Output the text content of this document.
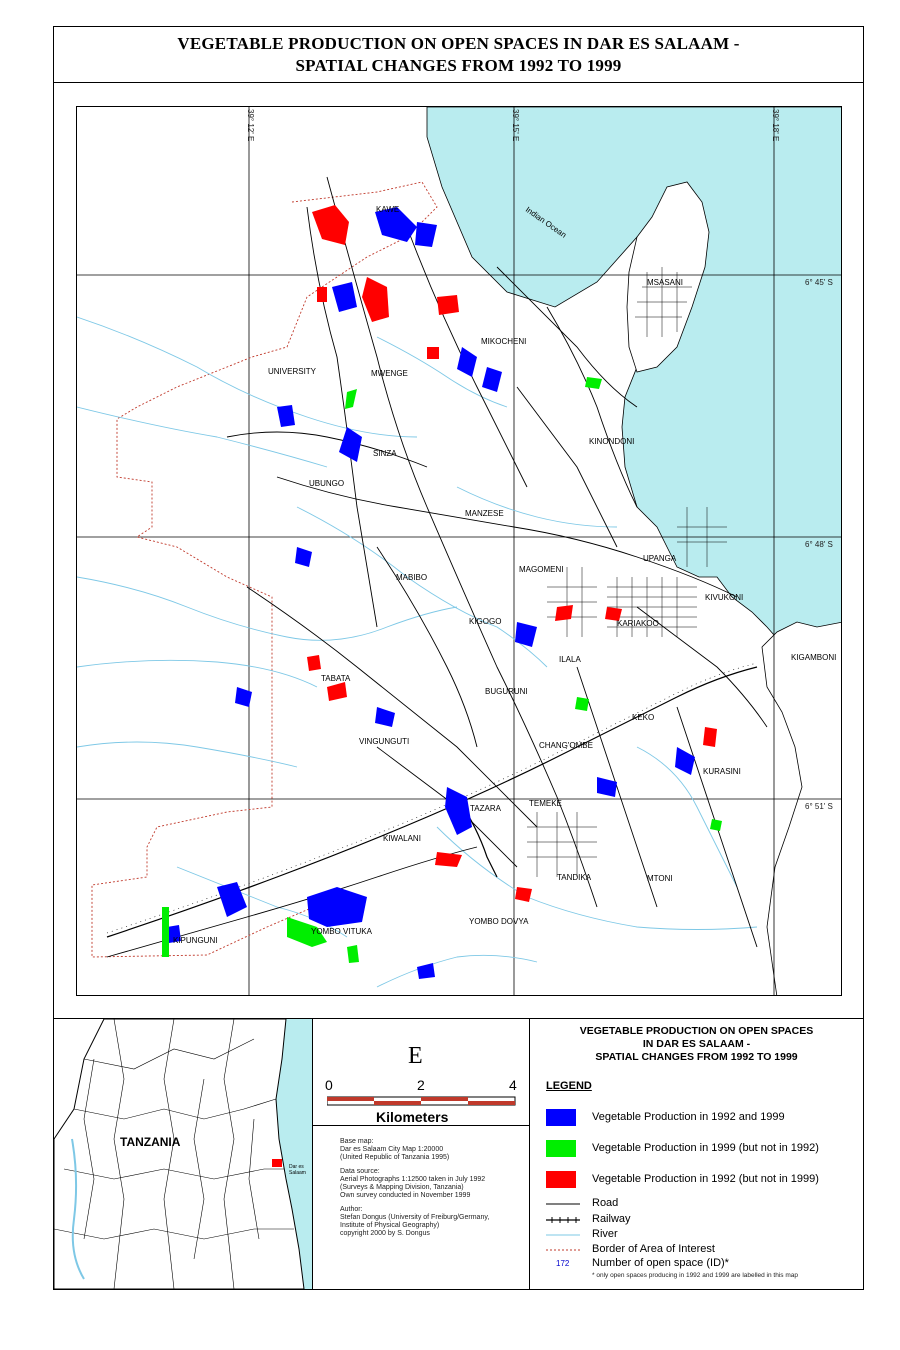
VEGETABLE PRODUCTION ON OPEN SPACES IN DAR ES SALAAM -
SPATIAL CHANGES FROM 1992 TO 1999
39° 12' E	39° 15' E	39° 18' E
6° 45' S
6° 48' S
6° 51' S
KAWE
MSASANI
MIKOCHENI
UNIVERSITY	MWENGE
KINONDONI
SINZA
UBUNGO
MANZESE
UPANGA
MAGOMENI
MABIBO
KIVUKONI
KIGOGO	KARIAKOO
KIGAMBONI
ILALA
TABATA
BUGURUNI
KEKO
CHANG'OMBE
VINGUNGUTI
KURASINI
TAZARA
TEMEKE
KIWALANI
TANDIKA	MTONI
KIPUNGUNI
YOMBO VITUKA
YOMBO DOVYA
Indian Ocean
TANZANIA
Dar es Salaam
E
0	2	4
Kilometers

Base map:
Dar es Salaam City Map 1:20000
(United Republic of Tanzania 1995)

Data source:
Aerial Photographs 1:12500 taken in July 1992
(Surveys & Mapping Division, Tanzania)
Own survey conducted in November 1999

Author:
Stefan Dongus (University of Freiburg/Germany,
Institute of Physical Geography)
copyright 2000 by S. Dongus

VEGETABLE PRODUCTION ON OPEN SPACES
IN DAR ES SALAAM -
SPATIAL CHANGES FROM 1992 TO 1999
LEGEND
Vegetable Production in 1992 and 1999
Vegetable Production in 1999 (but not in 1992)
Vegetable Production in 1992 (but not in 1999)
Road
Railway
River
Border of Area of Interest
172 Number of open space (ID)*
* only open spaces producing in 1992 and 1999 are labelled in this map
